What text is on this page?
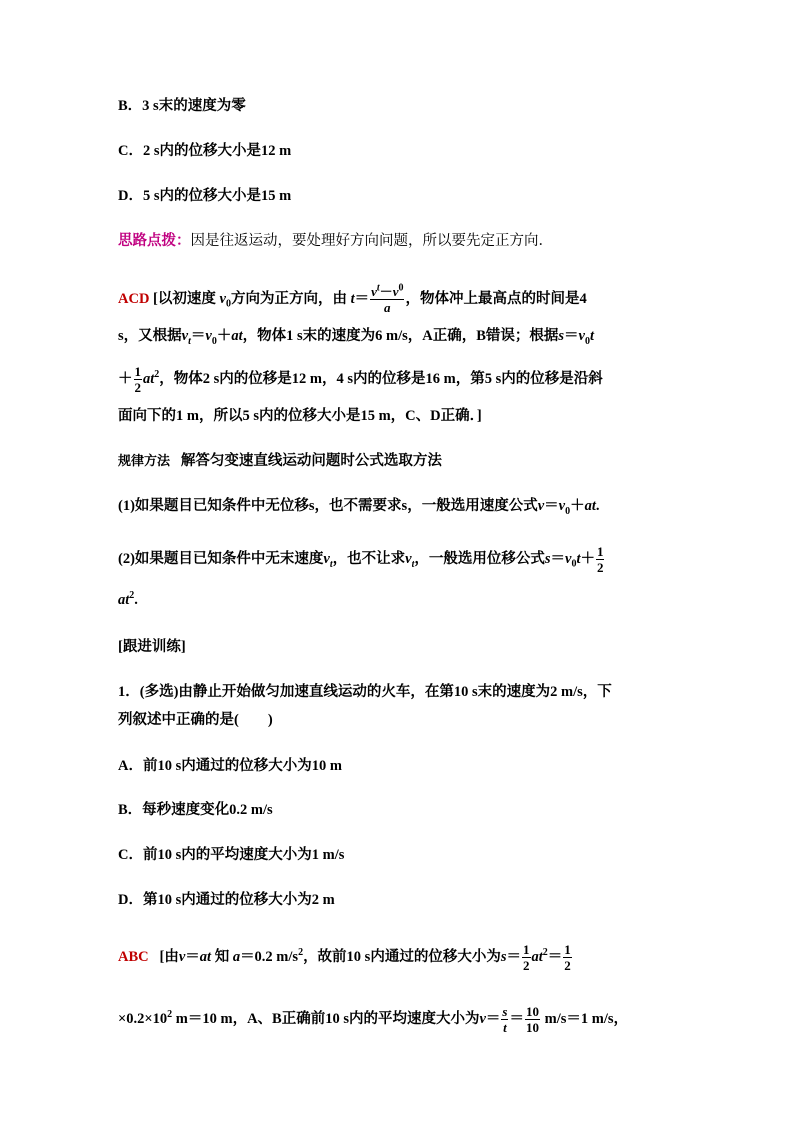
B．3 s末的速度为零
C．2 s内的位移大小是12 m
D．5 s内的位移大小是15 m
思路点拨：因是往返运动，要处理好方向问题，所以要先定正方向．
ACD [以初速度 $v_0$方向为正方向，由 $t= \frac{v^t-v^0}{a}$ ，物体冲上最高点的时间是4
s，又根据$v_t=v_0+at$，物体1 s末的速度为6 m/s，A正确，B错误；根据$s=v_0t$
＋ $\frac{1}{2} at^2$，物体2 s内的位移是12 m，4 s内的位移是16 m，第5 s内的位移是沿斜
面向下的1 m，所以5 s内的位移大小是15 m，C、D正确．]
规律方法 解答匀变速直线运动问题时公式选取方法
(1)如果题目已知条件中无位移s，也不需要求s，一般选用速度公式$v=v_0+at$.
(2)如果题目已知条件中无末速度$v_t$，也不让求$v_t$，一般选用位移公式$s=v_0t+ \frac{1}{2}$
$at^2$.
[跟进训练]
1．(多选)由静止开始做匀加速直线运动的火车，在第10 s末的速度为2 m/s，下
列叙述中正确的是(　　)
A．前10 s内通过的位移大小为10 m
B．每秒速度变化0.2 m/s
C．前10 s内的平均速度大小为1 m/s
D．第10 s内通过的位移大小为2 m
ABC [由v＝at 知 a＝0.2 $m/s^2$，故前10 s内通过的位移大小为$s= \frac{1}{2} at^2= \frac{1}{2}$
$\times 0.2\times 10^2$ m＝10 m，A、B正确前10 s内的平均速度大小为$v= \frac{s}{t} = \frac{10}{10} m/s=1$ m/s，
